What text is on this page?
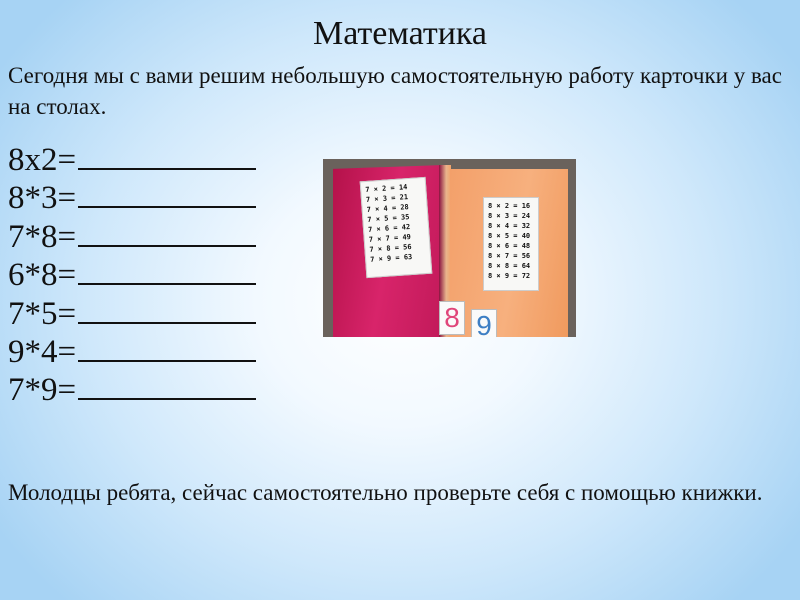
Математика
Сегодня мы с вами решим небольшую самостоятельную работу карточки у вас на столах.
8х2=
8*3=
7*8=
6*8=
7*5=
9*4=
7*9=
7 × 2 = 14
7 × 3 = 21
7 × 4 = 28
7 × 5 = 35
7 × 6 = 42
7 × 7 = 49
7 × 8 = 56
7 × 9 = 63
8 × 2 = 16
8 × 3 = 24
8 × 4 = 32
8 × 5 = 40
8 × 6 = 48
8 × 7 = 56
8 × 8 = 64
8 × 9 = 72
8 9
Молодцы ребята, сейчас самостоятельно проверьте себя с помощью книжки.
